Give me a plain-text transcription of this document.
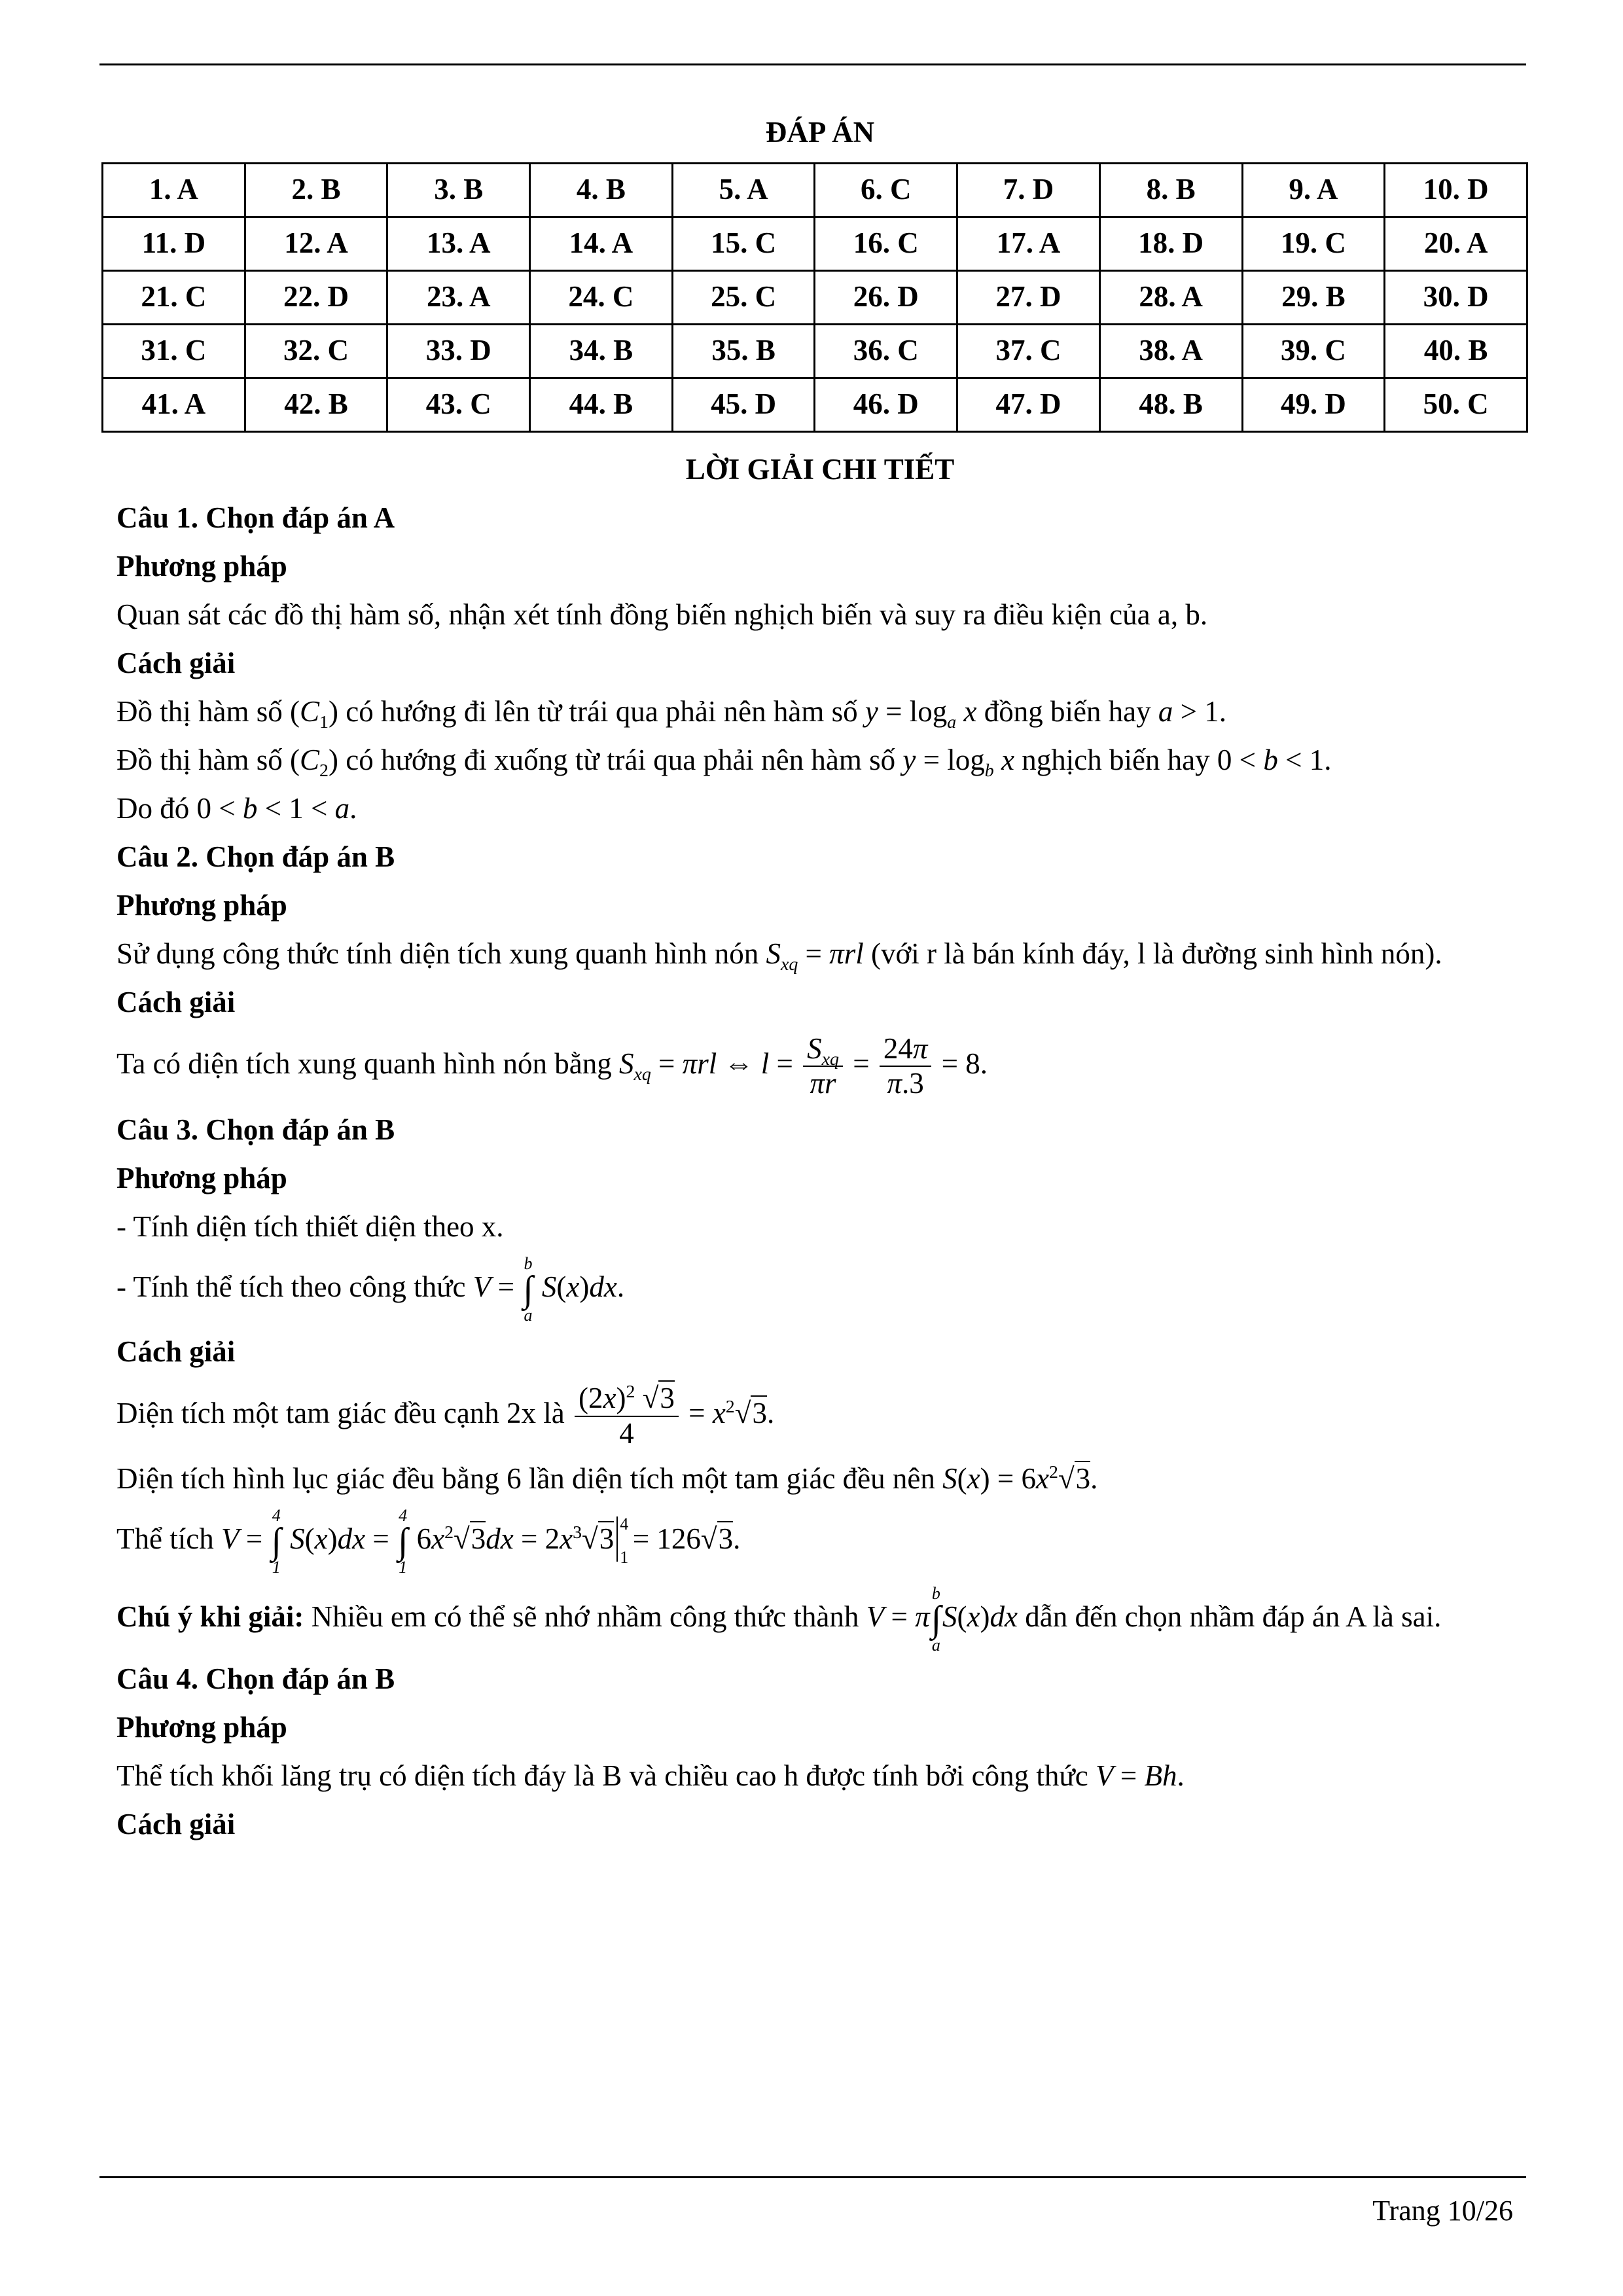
ĐÁP ÁN

1. A	2. B	3. B	4. B	5. A	6. C	7. D	8. B	9. A	10. D
11. D	12. A	13. A	14. A	15. C	16. C	17. A	18. D	19. C	20. A
21. C	22. D	23. A	24. C	25. C	26. D	27. D	28. A	29. B	30. D
31. C	32. C	33. D	34. B	35. B	36. C	37. C	38. A	39. C	40. B
41. A	42. B	43. C	44. B	45. D	46. D	47. D	48. B	49. D	50. C

LỜI GIẢI CHI TIẾT

Câu 1. Chọn đáp án A

Phương pháp

Quan sát các đồ thị hàm số, nhận xét tính đồng biến nghịch biến và suy ra điều kiện của a, b.

Cách giải

Đồ thị hàm số $(C_1)$ có hướng đi lên từ trái qua phải nên hàm số $y = \log_a x$ đồng biến hay a > 1.

Đồ thị hàm số $(C_2)$ có hướng đi xuống từ trái qua phải nên hàm số $y = \log_b x$ nghịch biến hay 0 < b < 1.

Do đó 0 < b < 1 < a.

Câu 2. Chọn đáp án B

Phương pháp

Sử dụng công thức tính diện tích xung quanh hình nón $S_{xq} = \pi rl$ (với r là bán kính đáy, l là đường sinh hình nón).

Cách giải

Ta có diện tích xung quanh hình nón bằng $S_{xq} = \pi rl$ ⇔ $l = \frac{S_{xq}}{\pi r} = \frac{24\pi}{\pi.3} = 8$.

Câu 3. Chọn đáp án B

Phương pháp

- Tính diện tích thiết diện theo x.

- Tính thể tích theo công thức V =
b
∫
a
S(x)dx.

Cách giải

Diện tích một tam giác đều cạnh 2x là $\frac{(2x)^2 √3}{4} = x^2√3$.

Diện tích hình lục giác đều bằng 6 lần diện tích một tam giác đều nên $S(x) = 6x^2√3$.

Thể tích V =
4
∫
1
S(x)dx =
4
∫
1
$6x^2√3dx = 2x^3√3$ 4
1
= 126√3.

Chú ý khi giải: Nhiều em có thể sẽ nhớ nhầm công thức thành V = π
b
∫
a
S(x)dx dẫn đến chọn nhầm đáp án A là sai.

Câu 4. Chọn đáp án B

Phương pháp

Thể tích khối lăng trụ có diện tích đáy là B và chiều cao h được tính bởi công thức V = Bh.

Cách giải

Trang 10/26
